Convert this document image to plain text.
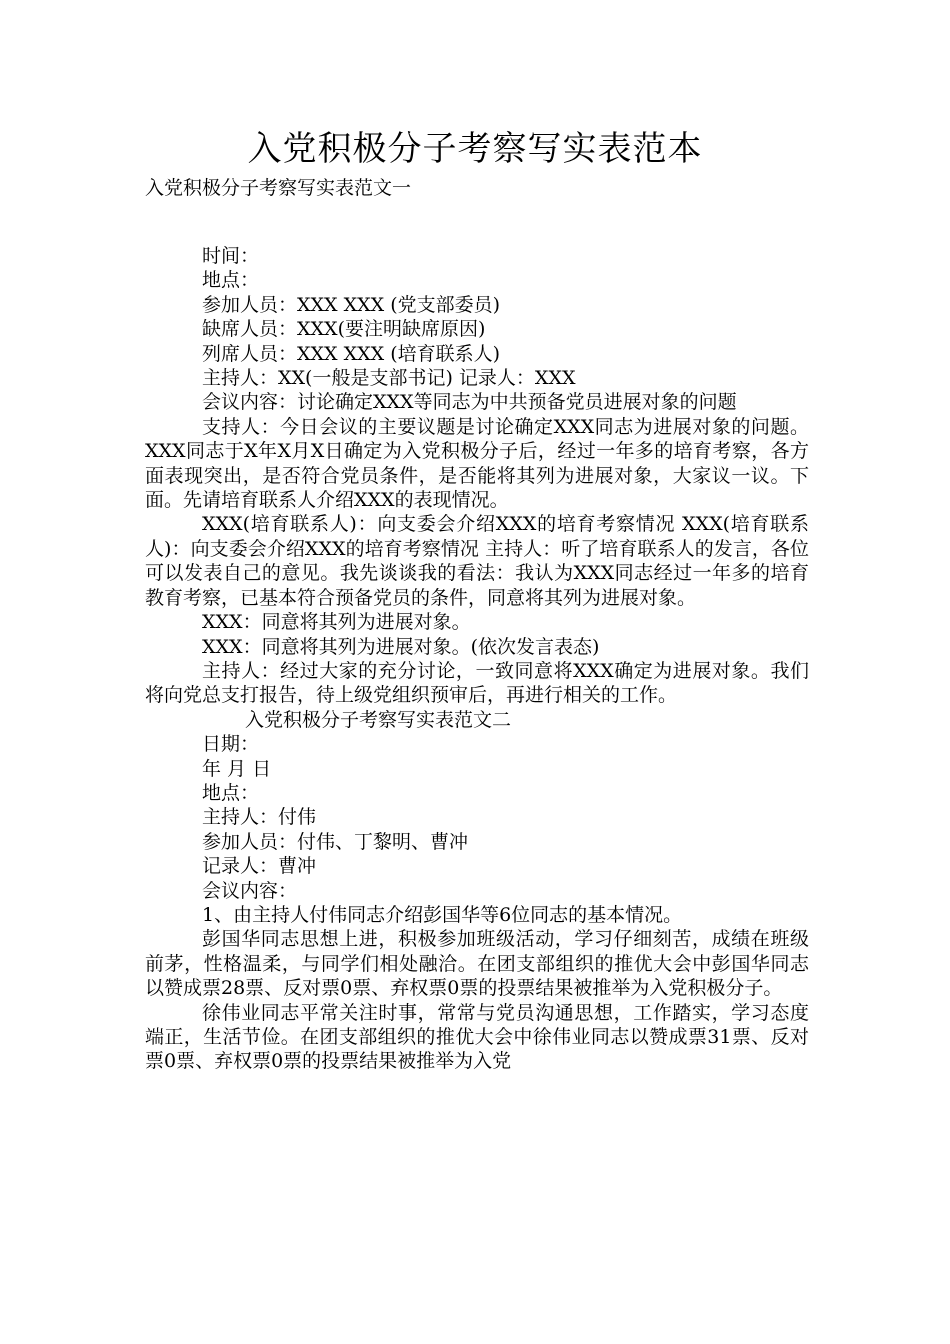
入党积极分子考察写实表范本
入党积极分子考察写实表范文一

时间：

地点：

参加人员：XXX XXX (党支部委员)

缺席人员：XXX(要注明缺席原因)

列席人员：XXX XXX (培育联系人)

主持人：XX(一般是支部书记) 记录人：XXX

会议内容：讨论确定XXX等同志为中共预备党员进展对象的问题

支持人：今日会议的主要议题是讨论确定XXX同志为进展对象的问题。XXX同志于X年X月X日确定为入党积极分子后，经过一年多的培育考察，各方面表现突出，是否符合党员条件，是否能将其列为进展对象，大家议一议。下面。先请培育联系人介绍XXX的表现情况。

XXX(培育联系人)：向支委会介绍XXX的培育考察情况 XXX(培育联系人)：向支委会介绍XXX的培育考察情况 主持人：听了培育联系人的发言，各位可以发表自己的意见。我先谈谈我的看法：我认为XXX同志经过一年多的培育教育考察，已基本符合预备党员的条件，同意将其列为进展对象。

XXX：同意将其列为进展对象。

XXX：同意将其列为进展对象。(依次发言表态)

主持人：经过大家的充分讨论，一致同意将XXX确定为进展对象。我们将向党总支打报告，待上级党组织预审后，再进行相关的工作。

入党积极分子考察写实表范文二

日期：

年 月 日

地点：

主持人：付伟

参加人员：付伟、丁黎明、曹冲

记录人：曹冲

会议内容：

1、由主持人付伟同志介绍彭国华等6位同志的基本情况。

彭国华同志思想上进，积极参加班级活动，学习仔细刻苦，成绩在班级前茅，性格温柔，与同学们相处融洽。在团支部组织的推优大会中彭国华同志以赞成票28票、反对票0票、弃权票0票的投票结果被推举为入党积极分子。

徐伟业同志平常关注时事，常常与党员沟通思想，工作踏实，学习态度端正，生活节俭。在团支部组织的推优大会中徐伟业同志以赞成票31票、反对票0票、弃权票0票的投票结果被推举为入党
